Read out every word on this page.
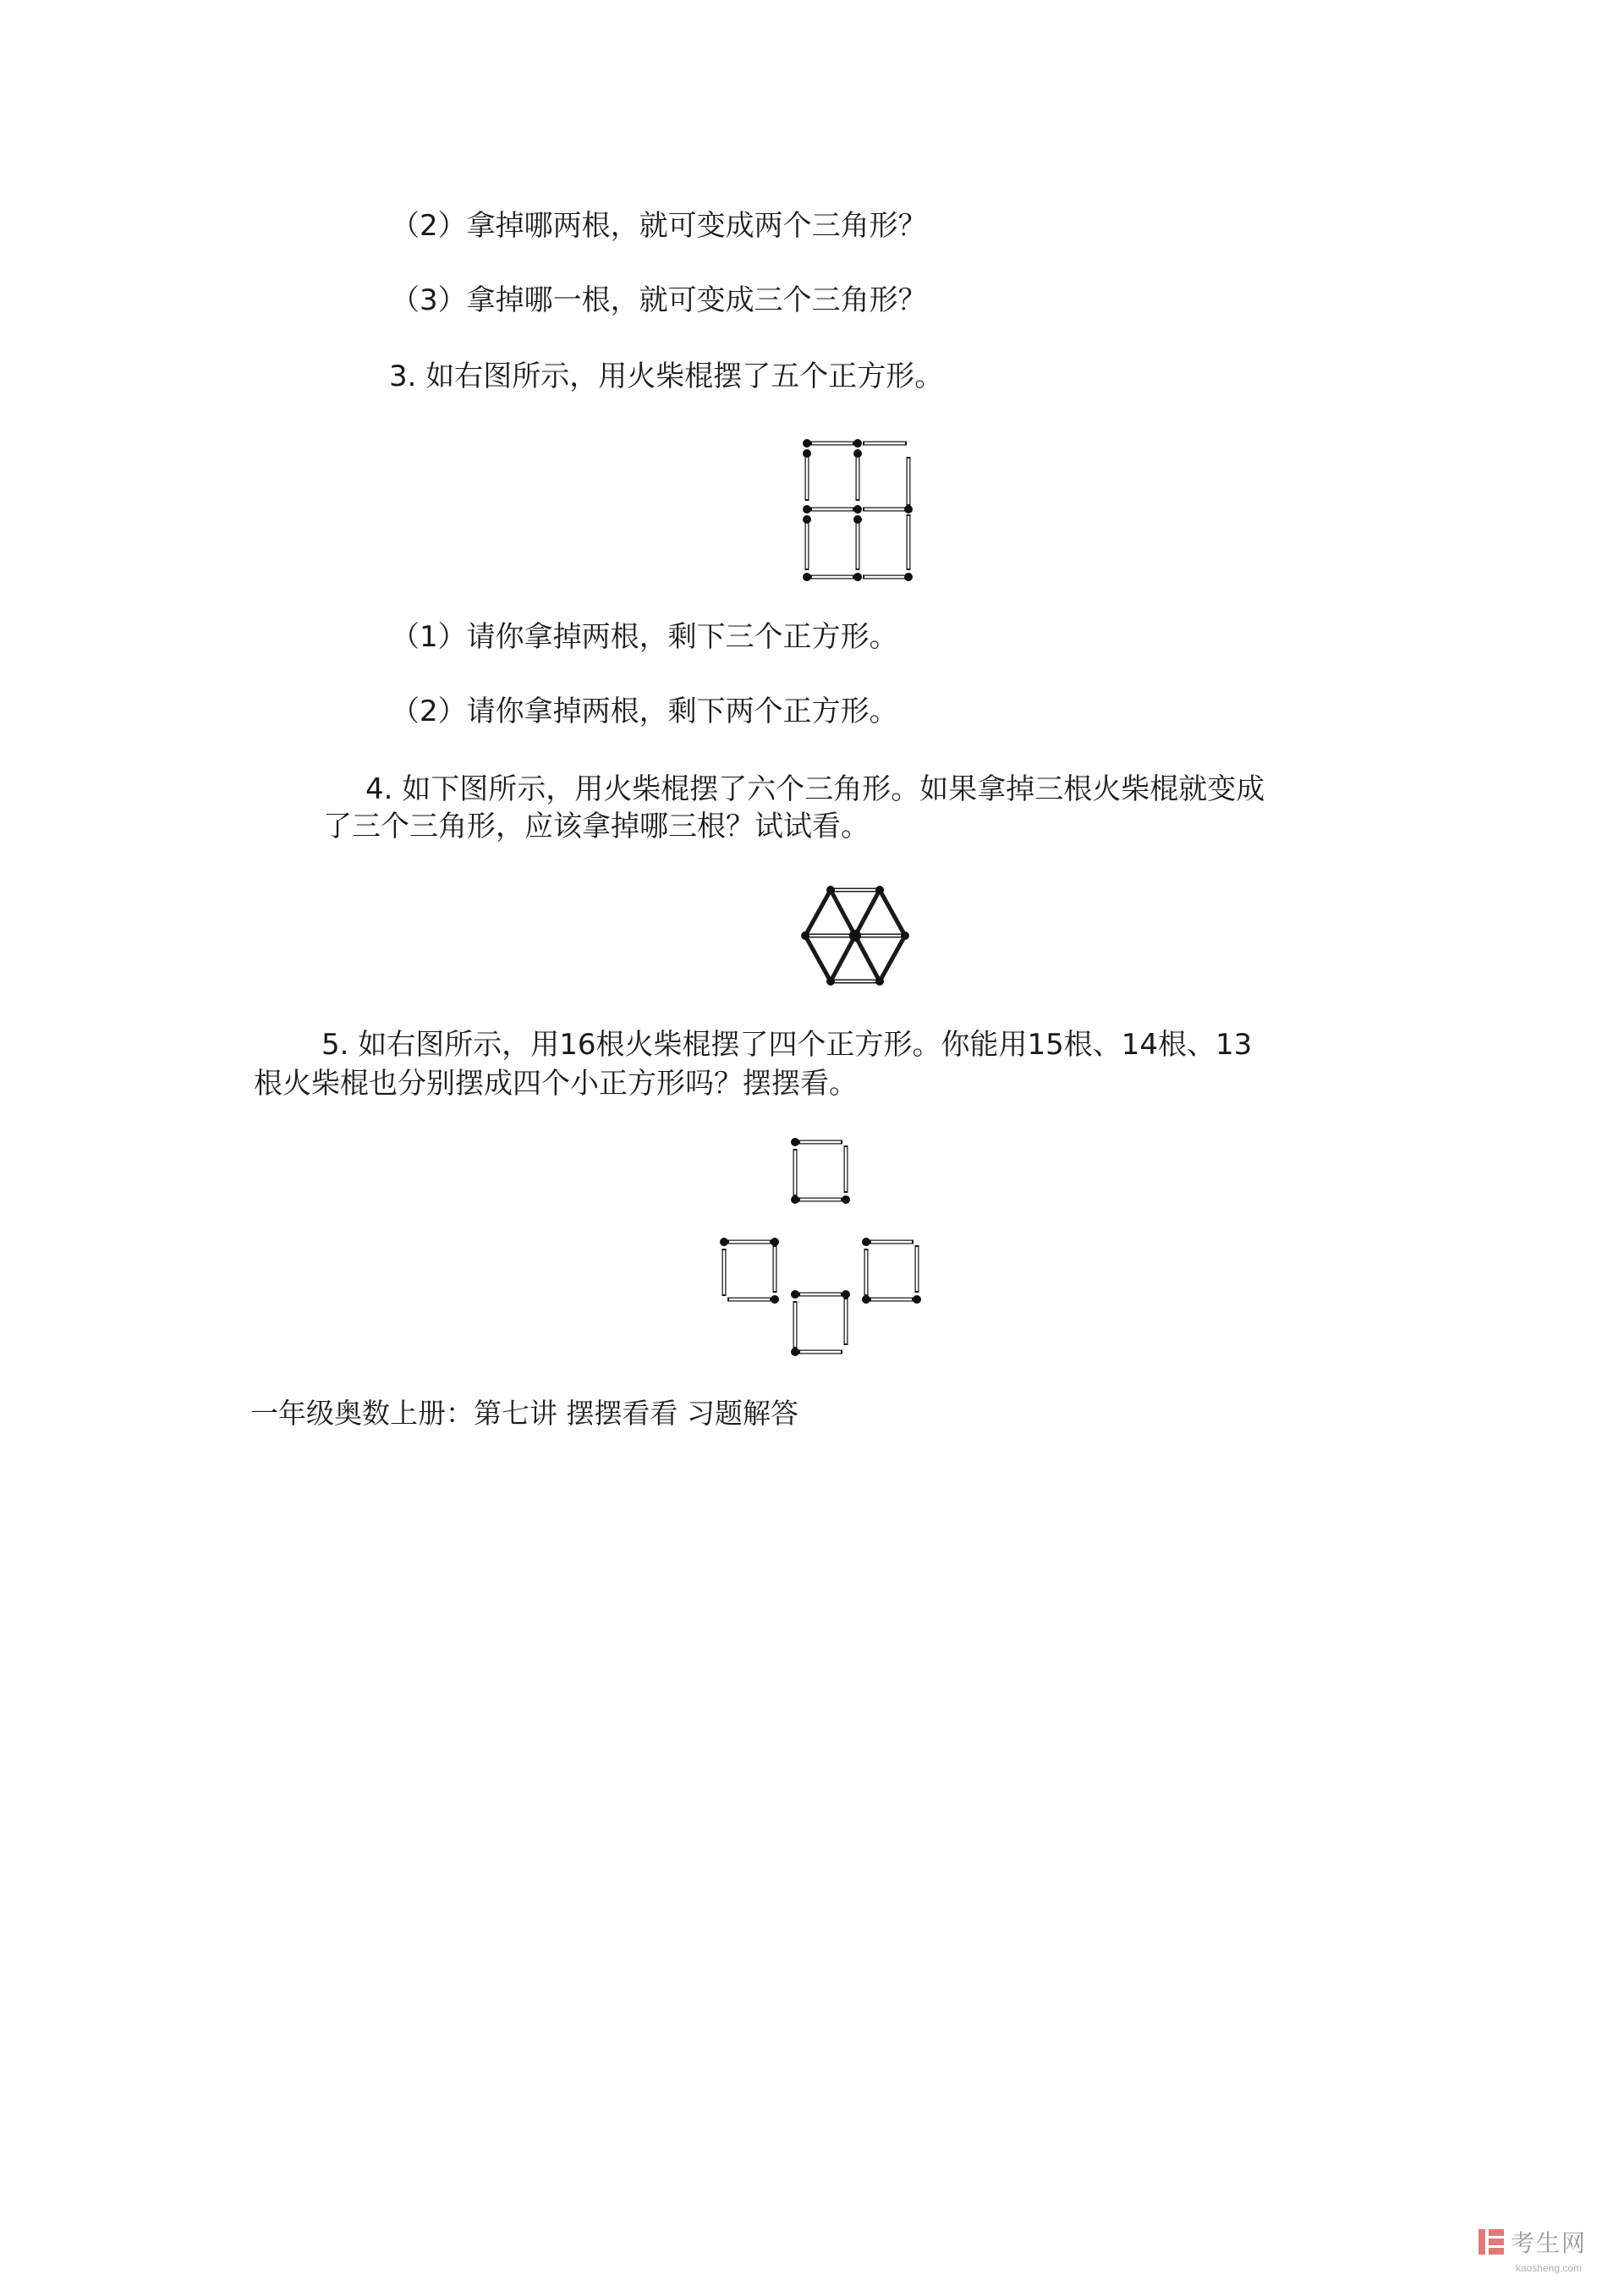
（2）拿掉哪两根，就可变成两个三角形？
（3）拿掉哪一根，就可变成三个三角形？
3. 如右图所示，用火柴棍摆了五个正方形。
（1）请你拿掉两根，剩下三个正方形。
（2）请你拿掉两根，剩下两个正方形。
4. 如下图所示，用火柴棍摆了六个三角形。如果拿掉三根火柴棍就变成
了三个三角形，应该拿掉哪三根？试试看。
5. 如右图所示，用16根火柴棍摆了四个正方形。你能用15根、14根、13
根火柴棍也分别摆成四个小正方形吗？摆摆看。
一年级奥数上册：第七讲 摆摆看看 习题解答
考生网
kaosheng.com
